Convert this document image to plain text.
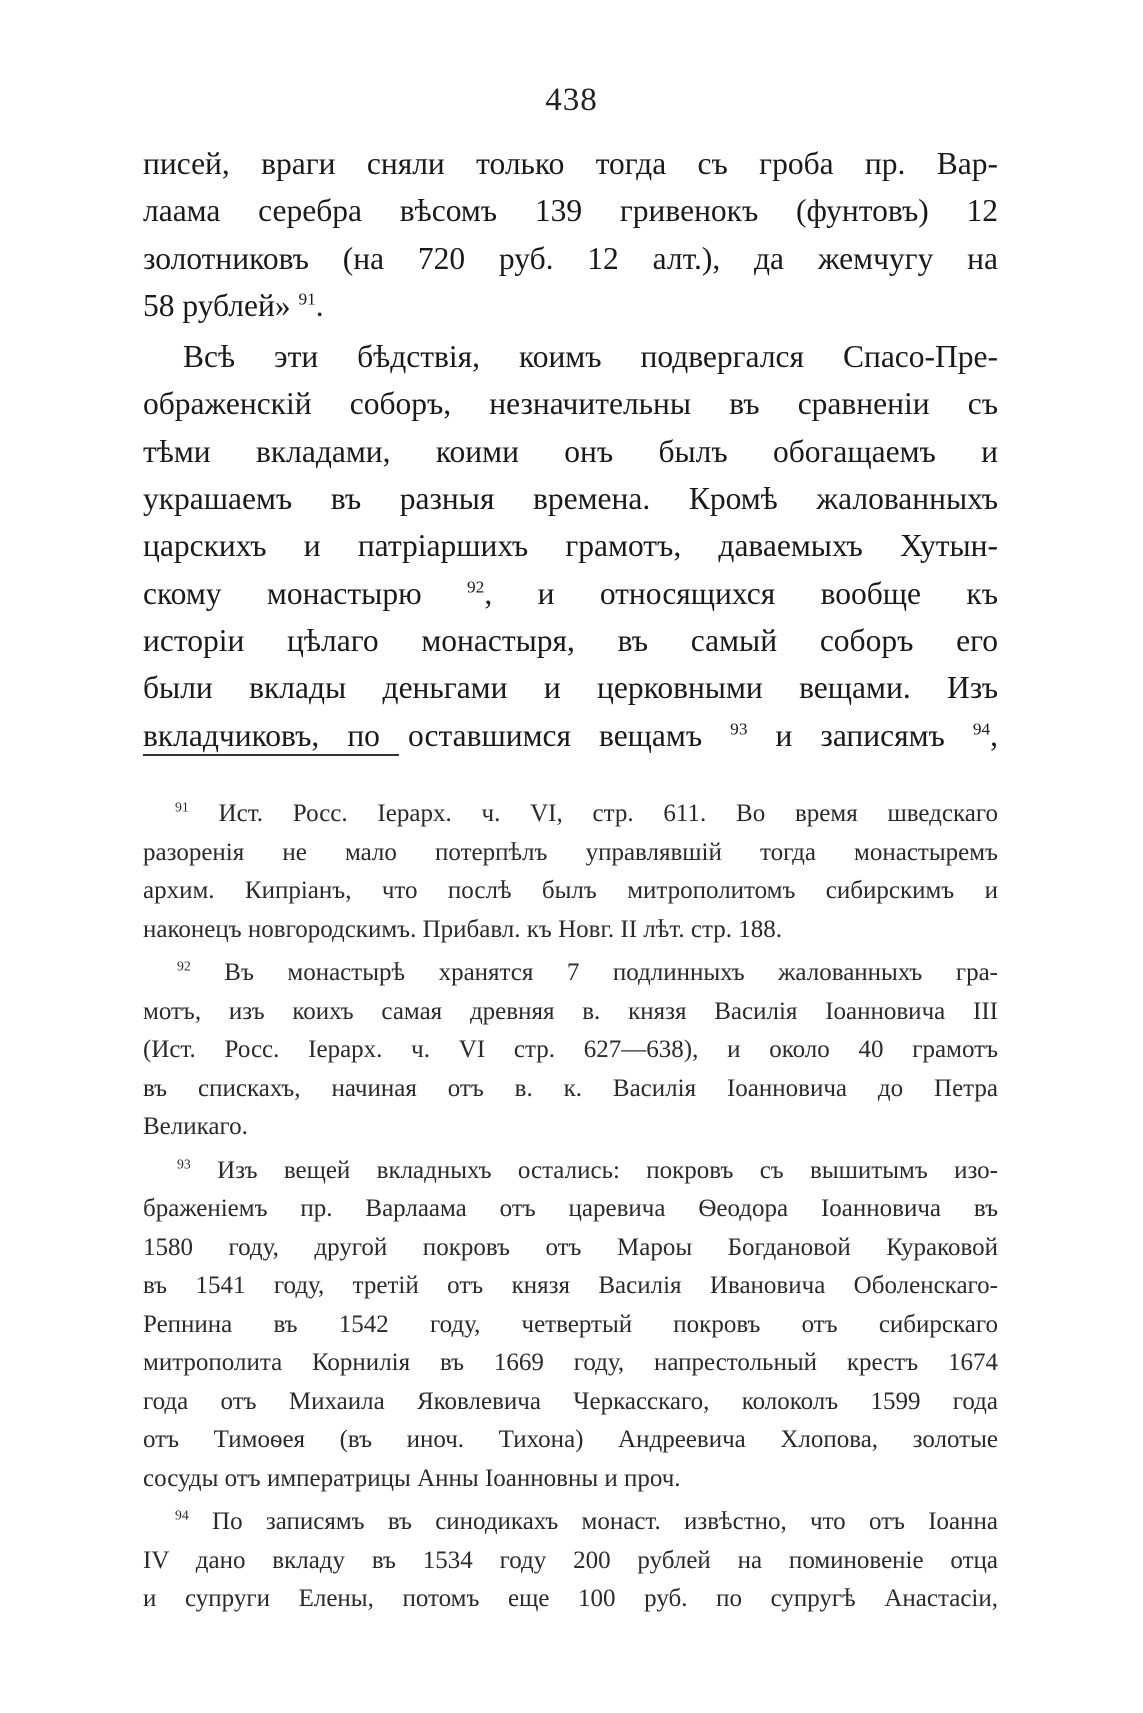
438
писей, враги сняли только тогда съ гроба пр. Вар-
лаама серебра вѣсомъ 139 гривенокъ (фунтовъ) 12
золотниковъ (на 720 руб. 12 алт.), да жемчугу на
58 рублей» $^{91}$.
Всѣ эти бѣдствія, коимъ подвергался Спасо-Пре-
ображенскій соборъ, незначительны въ сравненіи съ
тѣми вкладами, коими онъ былъ обогащаемъ и
украшаемъ въ разныя времена. Кромѣ жалованныхъ
царскихъ и патріаршихъ грамотъ, даваемыхъ Хутын-
скому монастырю	$^{92}$, и относящихся вообще къ
исторіи цѣлаго монастыря, въ самый соборъ его
были вклады деньгами и церковными вещами. Изъ
вкладчиковъ, по оставшимся вещамъ $^{93}$ и записямъ $^{94}$,
$^{91}$ Ист. Росс. Іерарх. ч. VI, стр. 611. Во время шведскаго
разоренія не мало потерпѣлъ управлявшій тогда монастыремъ
архим. Кипріанъ, что послѣ былъ митрополитомъ сибирскимъ и
наконецъ новгородскимъ. Прибавл. къ Новг. II лѣт. стр. 188.
$^{92}$ Въ монастырѣ хранятся 7 подлинныхъ жалованныхъ гра-
мотъ, изъ коихъ самая древняя в. князя Василія Іоанновича III
(Ист. Росс. Іерарх. ч. VI стр. 627—638), и около 40 грамотъ
въ спискахъ, начиная отъ в. к. Василія Іоанновича до Петра
Великаго.
$^{93}$ Изъ вещей вкладныхъ остались: покровъ съ вышитымъ изо-
браженіемъ пр. Варлаама отъ царевича Ѳеодора Іоанновича въ
1580 году, другой покровъ отъ Мароы Богдановой Кураковой
въ 1541 году, третій отъ князя Василія Ивановича Оболенскаго-
Репнина въ 1542 году, четвертый покровъ отъ сибирскаго
митрополита Корнилія въ 1669 году, напрестольный крестъ 1674
года отъ Михаила Яковлевича Черкасскаго, колоколъ 1599 года
отъ Тимоѳея (въ иноч. Тихона) Андреевича Хлопова, золотые
сосуды отъ императрицы Анны Іоанновны и проч.
$^{94}$ По записямъ въ синодикахъ монаст. извѣстно, что отъ Іоанна
IV дано вкладу въ 1534 году 200 рублей на поминовеніе отца
и супруги Елены, потомъ еще 100 руб. по супругѣ Анастасіи,
